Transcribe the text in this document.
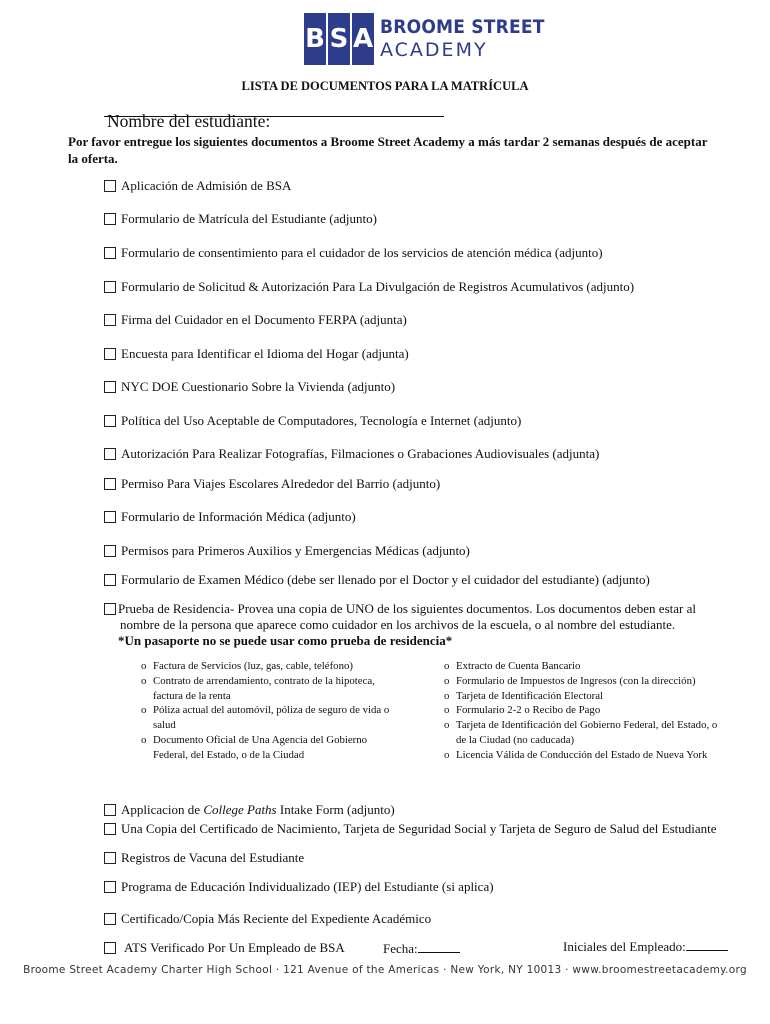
B S A BROOME STREET
ACADEMY
LISTA DE DOCUMENTOS PARA LA MATRÍCULA
Nombre del estudiante:
Por favor entregue los siguientes documentos a Broome Street Academy a más tardar 2 semanas después de aceptar la oferta.
Aplicación de Admisión de BSA
Formulario de Matrícula del Estudiante (adjunto)
Formulario de consentimiento para el cuidador de los servicios de atención médica (adjunto)
Formulario de Solicitud & Autorización Para La Divulgación de Registros Acumulativos (adjunto)
Firma del Cuidador en el Documento FERPA (adjunta)
Encuesta para Identificar el Idioma del Hogar (adjunta)
NYC DOE Cuestionario Sobre la Vivienda (adjunto)
Política del Uso Aceptable de Computadores, Tecnología e Internet (adjunto)
Autorización Para Realizar Fotografías, Filmaciones o Grabaciones Audiovisuales (adjunta)
Permiso Para Viajes Escolares Alrededor del Barrio (adjunto)
Formulario de Información Médica (adjunto)
Permisos para Primeros Auxilios y Emergencias Médicas (adjunto)
Formulario de Examen Médico (debe ser llenado por el Doctor y el cuidador del estudiante) (adjunto)
Prueba de Residencia- Provea una copia de UNO de los siguientes documentos. Los documentos deben estar al
nombre de la persona que aparece como cuidador en los archivos de la escuela, o al nombre del estudiante.
*Un pasaporte no se puede usar como prueba de residencia*
o Factura de Servicios (luz, gas, cable, teléfono)
o Contrato de arrendamiento, contrato de la hipoteca, factura de la renta
o Póliza actual del automóvil, póliza de seguro de vida o salud
o Documento Oficial de Una Agencia del Gobierno Federal, del Estado, o de la Ciudad
o Extracto de Cuenta Bancario
o Formulario de Impuestos de Ingresos (con la dirección)
o Tarjeta de Identificación Electoral
o Formulario 2-2 o Recibo de Pago
o Tarjeta de Identificación del Gobierno Federal, del Estado, o de la Ciudad (no caducada)
o Licencia Válida de Conducción del Estado de Nueva York
Applicacion de College Paths Intake Form (adjunto)
Una Copia del Certificado de Nacimiento, Tarjeta de Seguridad Social y Tarjeta de Seguro de Salud del Estudiante
Registros de Vacuna del Estudiante
Programa de Educación Individualizado (IEP) del Estudiante (si aplica)
Certificado/Copia Más Reciente del Expediente Académico
ATS Verificado Por Un Empleado de BSA	Fecha:	Iniciales del Empleado:
Broome Street Academy Charter High School · 121 Avenue of the Americas · New York, NY 10013 · www.broomestreetacademy.org
